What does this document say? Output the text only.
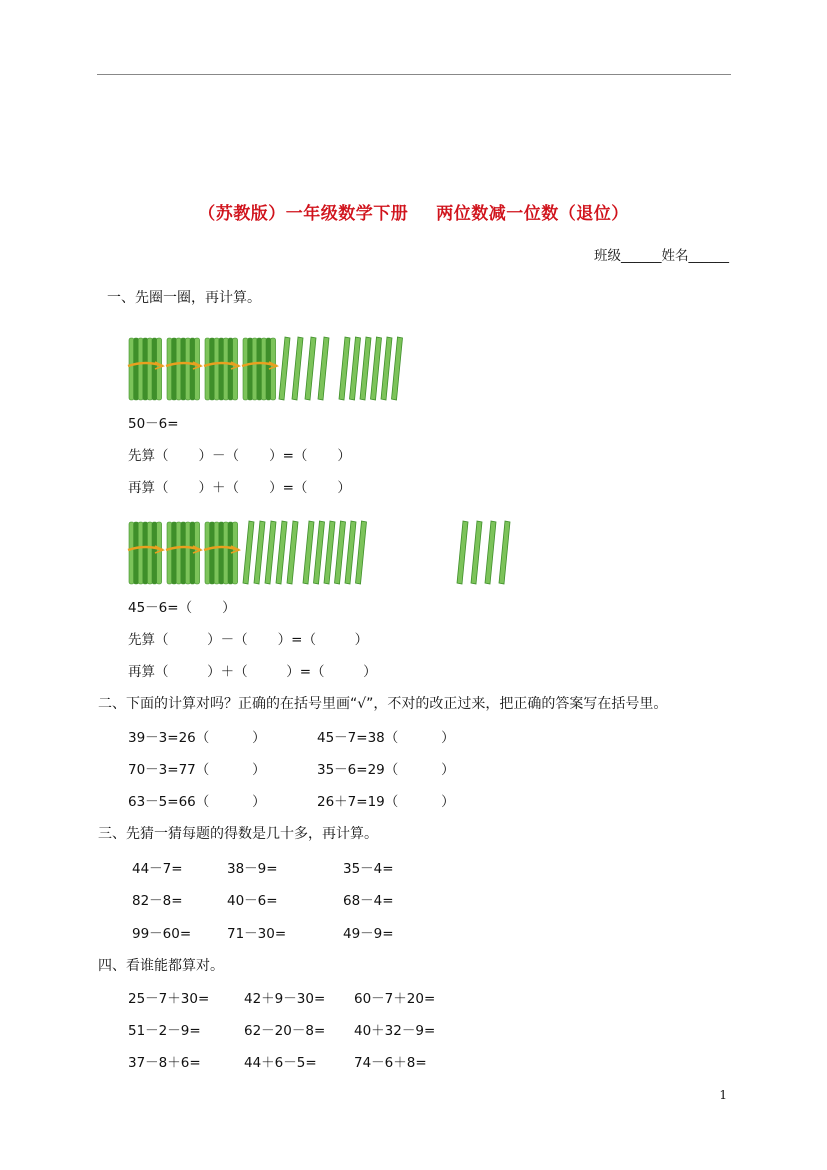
（苏教版）一年级数学下册 两位数减一位数（退位）
班级______姓名______
一、先圈一圈，再计算。
50－6=
先算（       ）－（       ）=（       ）
再算（       ）＋（       ）=（       ）
45－6=（       ）
先算（         ）－（       ）=（         ）
再算（         ）＋（         ）=（         ）
二、下面的计算对吗？正确的在括号里画“√”，不对的改正过来，把正确的答案写在括号里。
39－3=26（          ）	45－7=38（          ）
70－3=77（          ）	35－6=29（          ）
63－5=66（          ）	26＋7=19（          ）
三、先猜一猜每题的得数是几十多，再计算。
44－7=	38－9=	35－4=
82－8=	40－6=	68－4=
99－60=	71－30=	49－9=
四、看谁能都算对。
25－7＋30=	42＋9－30= 60－7＋20=
51－2－9=	62－20－8= 40＋32－9=
37－8＋6=	44＋6－5=	74－6＋8=
1
